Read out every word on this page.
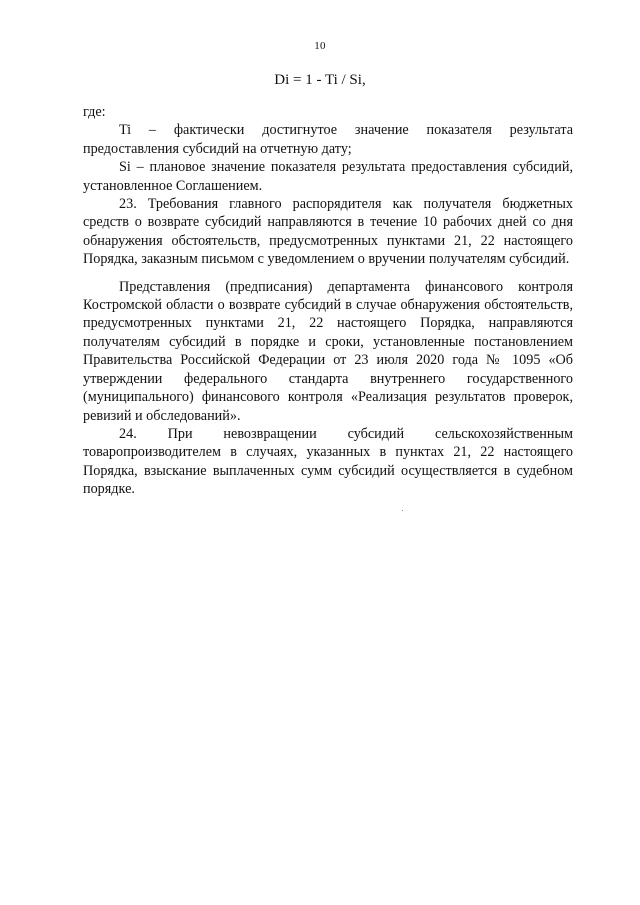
10
Di = 1 - Ti / Si,

где:

Ti – фактически достигнутое значение показателя результата предоставления субсидий на отчетную дату;

Si – плановое значение показателя результата предоставления субсидий, установленное Соглашением.

23. Требования главного распорядителя как получателя бюджетных средств о возврате субсидий направляются в течение 10 рабочих дней со дня обнаружения обстоятельств, предусмотренных пунктами 21, 22 настоящего Порядка, заказным письмом с уведомлением о вручении получателям субсидий.

Представления (предписания) департамента финансового контроля Костромской области о возврате субсидий в случае обнаружения обстоятельств, предусмотренных пунктами 21, 22 настоящего Порядка, направляются получателям субсидий в порядке и сроки, установленные постановлением Правительства Российской Федерации от 23 июля 2020 года № 1095 «Об утверждении федерального стандарта внутреннего государственного (муниципального) финансового контроля «Реализация результатов проверок, ревизий и обследований».

24. При невозвращении субсидий сельскохозяйственным товаропроизводителем в случаях, указанных в пунктах 21, 22 настоящего Порядка, взыскание выплаченных сумм субсидий осуществляется в судебном порядке.
